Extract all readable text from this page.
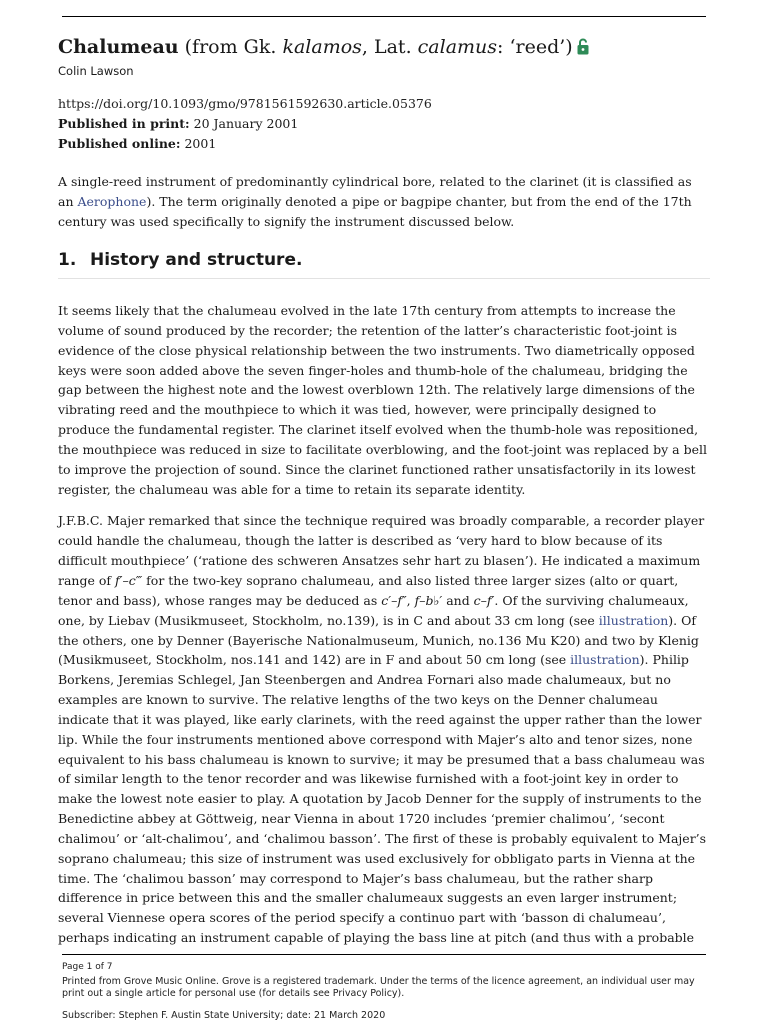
Chalumeau (from Gk. kalamos, Lat. calamus: ‘reed’)
Colin Lawson
https://doi.org/10.1093/gmo/9781561592630.article.05376
Published in print: 20 January 2001
Published online: 2001

A single-reed instrument of predominantly cylindrical bore, related to the clarinet (it is classified as an Aerophone). The term originally denoted a pipe or bagpipe chanter, but from the end of the 17th century was used specifically to signify the instrument discussed below.

1. History and structure.

It seems likely that the chalumeau evolved in the late 17th century from attempts to increase the volume of sound produced by the recorder; the retention of the latter’s characteristic foot-joint is evidence of the close physical relationship between the two instruments. Two diametrically opposed keys were soon added above the seven finger-holes and thumb-hole of the chalumeau, bridging the gap between the highest note and the lowest overblown 12th. The relatively large dimensions of the vibrating reed and the mouthpiece to which it was tied, however, were principally designed to produce the fundamental register. The clarinet itself evolved when the thumb-hole was repositioned, the mouthpiece was reduced in size to facilitate overblowing, and the foot-joint was replaced by a bell to improve the projection of sound. Since the clarinet functioned rather unsatisfactorily in its lowest register, the chalumeau was able for a time to retain its separate identity.

J.F.B.C. Majer remarked that since the technique required was broadly comparable, a recorder player could handle the chalumeau, though the latter is described as ‘very hard to blow because of its difficult mouthpiece’ (‘ratione des schweren Ansatzes sehr hart zu blasen’). He indicated a maximum range of f′–c‴ for the two-key soprano chalumeau, and also listed three larger sizes (alto or quart, tenor and bass), whose ranges may be deduced as c′–f″, f–b♭′ and c–f′. Of the surviving chalumeaux, one, by Liebav (Musikmuseet, Stockholm, no.139), is in C and about 33 cm long (see illustration). Of the others, one by Denner (Bayerische Nationalmuseum, Munich, no.136 Mu K20) and two by Klenig (Musikmuseet, Stockholm, nos.141 and 142) are in F and about 50 cm long (see illustration). Philip Borkens, Jeremias Schlegel, Jan Steenbergen and Andrea Fornari also made chalumeaux, but no examples are known to survive. The relative lengths of the two keys on the Denner chalumeau indicate that it was played, like early clarinets, with the reed against the upper rather than the lower lip. While the four instruments mentioned above correspond with Majer’s alto and tenor sizes, none equivalent to his bass chalumeau is known to survive; it may be presumed that a bass chalumeau was of similar length to the tenor recorder and was likewise furnished with a foot-joint key in order to make the lowest note easier to play. A quotation by Jacob Denner for the supply of instruments to the Benedictine abbey at Göttweig, near Vienna in about 1720 includes ‘premier chalimou’, ‘secont chalimou’ or ‘alt-chalimou’, and ‘chalimou basson’. The first of these is probably equivalent to Majer’s soprano chalumeau; this size of instrument was used exclusively for obbligato parts in Vienna at the time. The ‘chalimou basson’ may correspond to Majer’s bass chalumeau, but the rather sharp difference in price between this and the smaller chalumeaux suggests an even larger instrument; several Viennese opera scores of the period specify a continuo part with ‘basson di chalumeau’, perhaps indicating an instrument capable of playing the bass line at pitch (and thus with a probable

Page 1 of 7
Printed from Grove Music Online. Grove is a registered trademark. Under the terms of the licence agreement, an individual user may print out a single article for personal use (for details see Privacy Policy).
Subscriber: Stephen F. Austin State University; date: 21 March 2020
